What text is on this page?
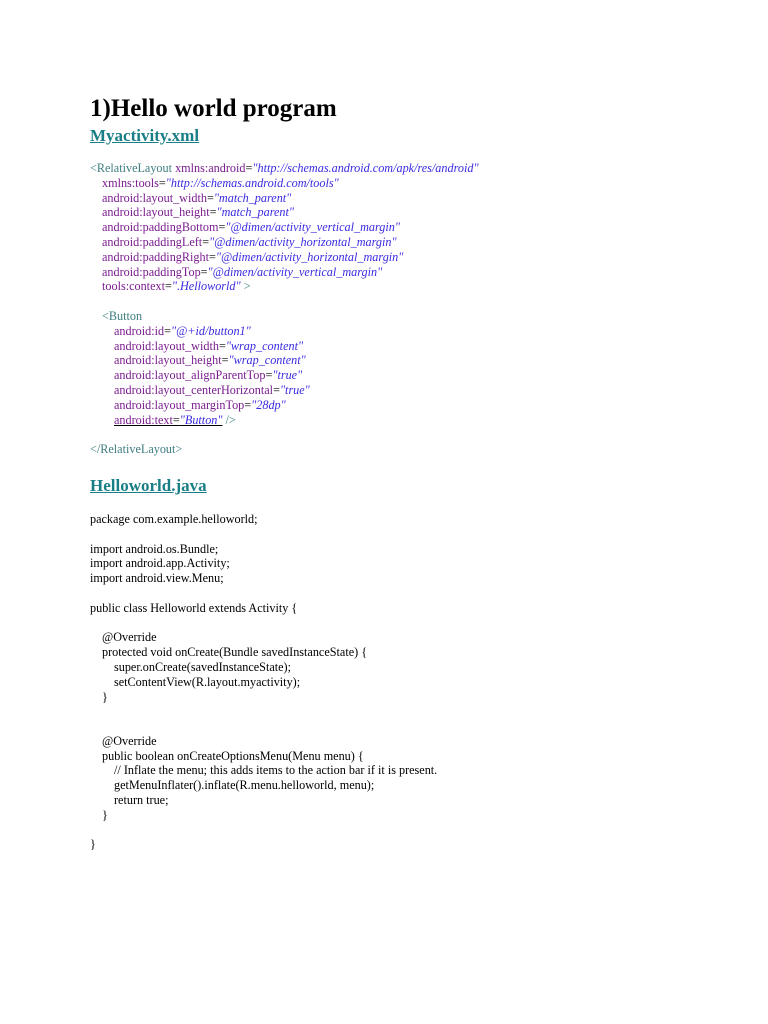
1)Hello world program
Myactivity.xml
<RelativeLayout xmlns:android="http://schemas.android.com/apk/res/android"
xmlns:tools="http://schemas.android.com/tools"
android:layout_width="match_parent"
android:layout_height="match_parent"
android:paddingBottom="@dimen/activity_vertical_margin"
android:paddingLeft="@dimen/activity_horizontal_margin"
android:paddingRight="@dimen/activity_horizontal_margin"
android:paddingTop="@dimen/activity_vertical_margin"
tools:context=".Helloworld" >
<Button
android:id="@+id/button1"
android:layout_width="wrap_content"
android:layout_height="wrap_content"
android:layout_alignParentTop="true"
android:layout_centerHorizontal="true"
android:layout_marginTop="28dp"
android:text="Button" />
</RelativeLayout>
Helloworld.java
package com.example.helloworld;
import android.os.Bundle;
import android.app.Activity;
import android.view.Menu;
public class Helloworld extends Activity {
@Override
protected void onCreate(Bundle savedInstanceState) {
super.onCreate(savedInstanceState);
setContentView(R.layout.myactivity);
}
@Override
public boolean onCreateOptionsMenu(Menu menu) {
// Inflate the menu; this adds items to the action bar if it is present.
getMenuInflater().inflate(R.menu.helloworld, menu);
return true;
}
}
